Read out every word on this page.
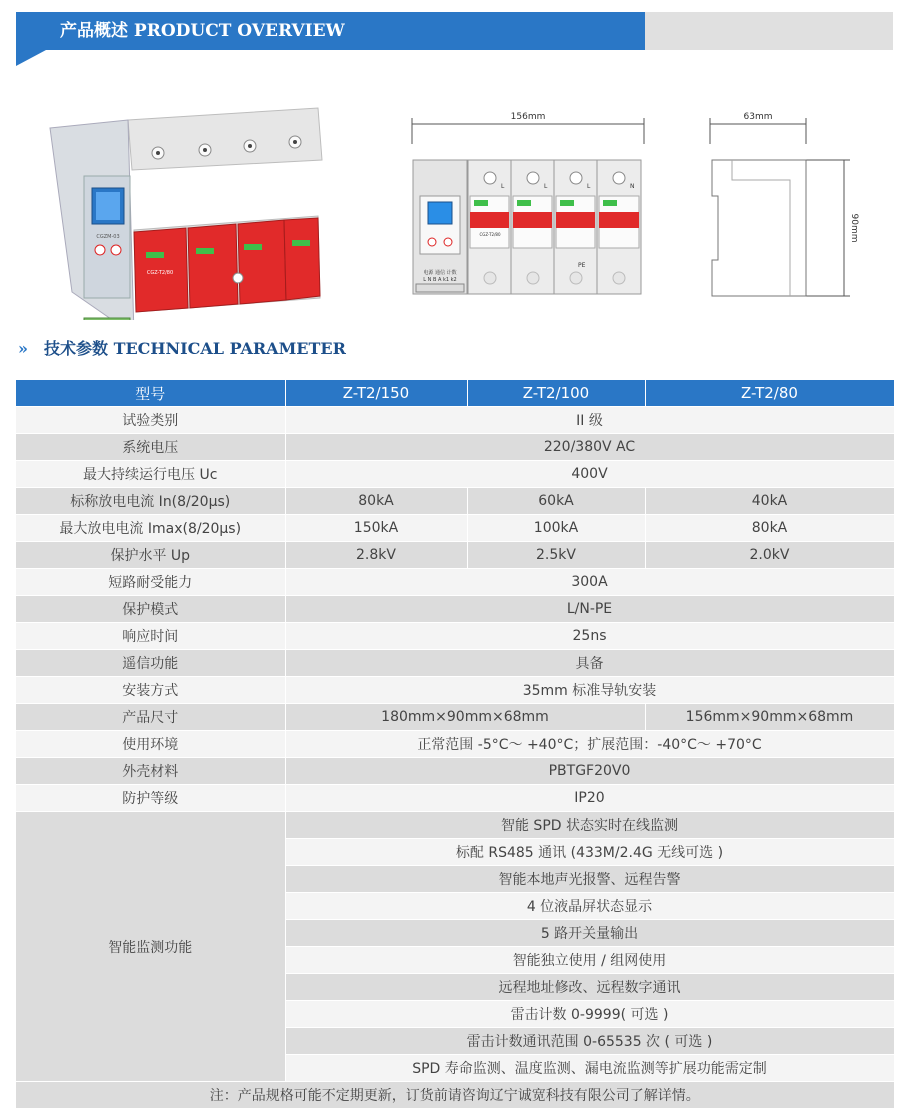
产品概述 PRODUCT OVERVIEW
CGZM-03
CGZ-T2/80
156mm
电源 通信 计数
L N B A k1 k2
L	L	L	N
CGZ-T2/80
PE
63mm
90mm
» 技术参数 TECHNICAL PARAMETER
型号	Z-T2/150	Z-T2/100	Z-T2/80
试验类别	II 级		
系统电压	220/380V AC		
最大持续运行电压 Uc	400V		
标称放电电流 In(8/20μs)	80kA	60kA	40kA
最大放电电流 Imax(8/20μs)	150kA	100kA	80kA
保护水平 Up	2.8kV	2.5kV	2.0kV
短路耐受能力	300A		
保护模式	L/N-PE		
响应时间	25ns		
遥信功能	具备		
安装方式	35mm 标准导轨安装		
产品尺寸	180mm×90mm×68mm		156mm×90mm×68mm
使用环境	正常范围 -5°C～ +40°C；扩展范围：-40°C～ +70°C		
外壳材料	PBTGF20V0		
防护等级	IP20		
智能监测功能	智能 SPD 状态实时在线监测		
	标配 RS485 通讯 (433M/2.4G 无线可选 )		
	智能本地声光报警、远程告警		
	4 位液晶屏状态显示		
	5 路开关量输出		
	智能独立使用 / 组网使用		
	远程地址修改、远程数字通讯		
	雷击计数 0-9999( 可选 )		
	雷击计数通讯范围 0-65535 次 ( 可选 )		
	SPD 寿命监测、温度监测、漏电流监测等扩展功能需定制		
注：产品规格可能不定期更新，订货前请咨询辽宁诚宽科技有限公司了解详情。			
